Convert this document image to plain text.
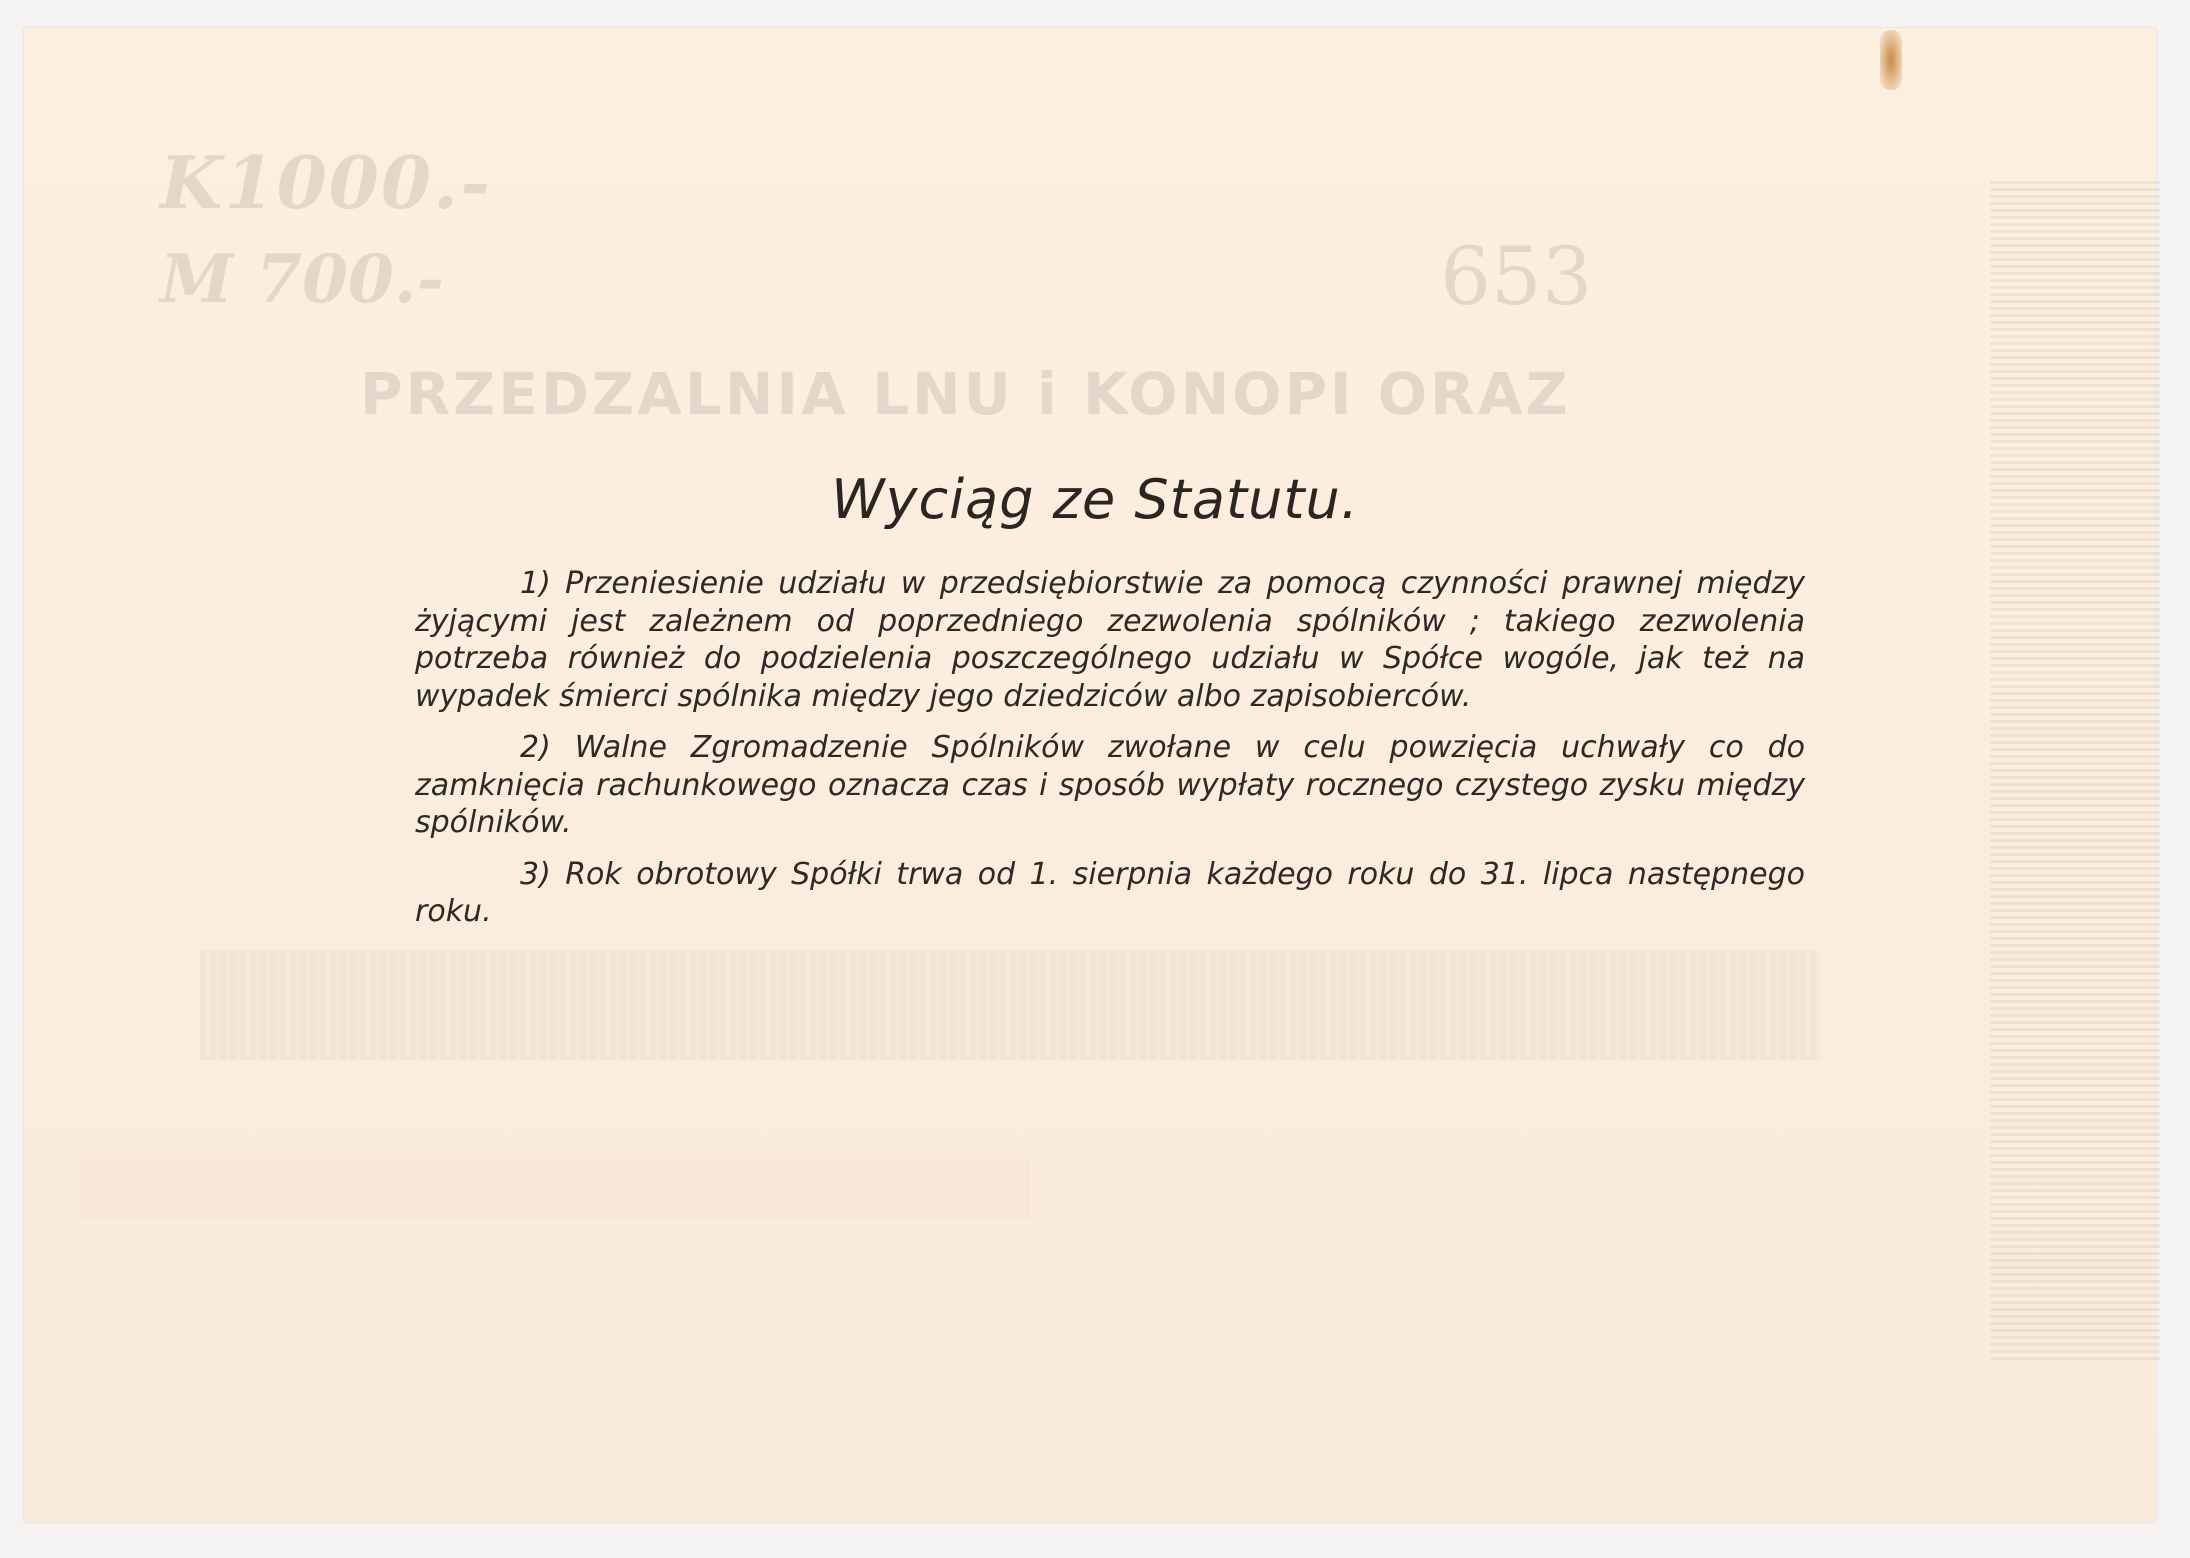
K1000.-
M 700.-	653
PRZEDZALNIA LNU i KONOPI ORAZ
Wyciąg ze Statutu.

1) Przeniesienie udziału w przedsiębiorstwie za pomocą czynności prawnej między żyjącymi jest zależnem od poprzedniego zezwolenia spólników ; takiego zezwolenia potrzeba również do podzielenia poszczególnego udziału w Spółce wogóle, jak też na wypadek śmierci spólnika między jego dziedziców albo zapisobierców.

2) Walne Zgromadzenie Spólników zwołane w celu powzięcia uchwały co do zamknięcia rachunkowego oznacza czas i sposób wypłaty rocznego czystego zysku między spólników.

3) Rok obrotowy Spółki trwa od 1. sierpnia każdego roku do 31. lipca następnego roku.
